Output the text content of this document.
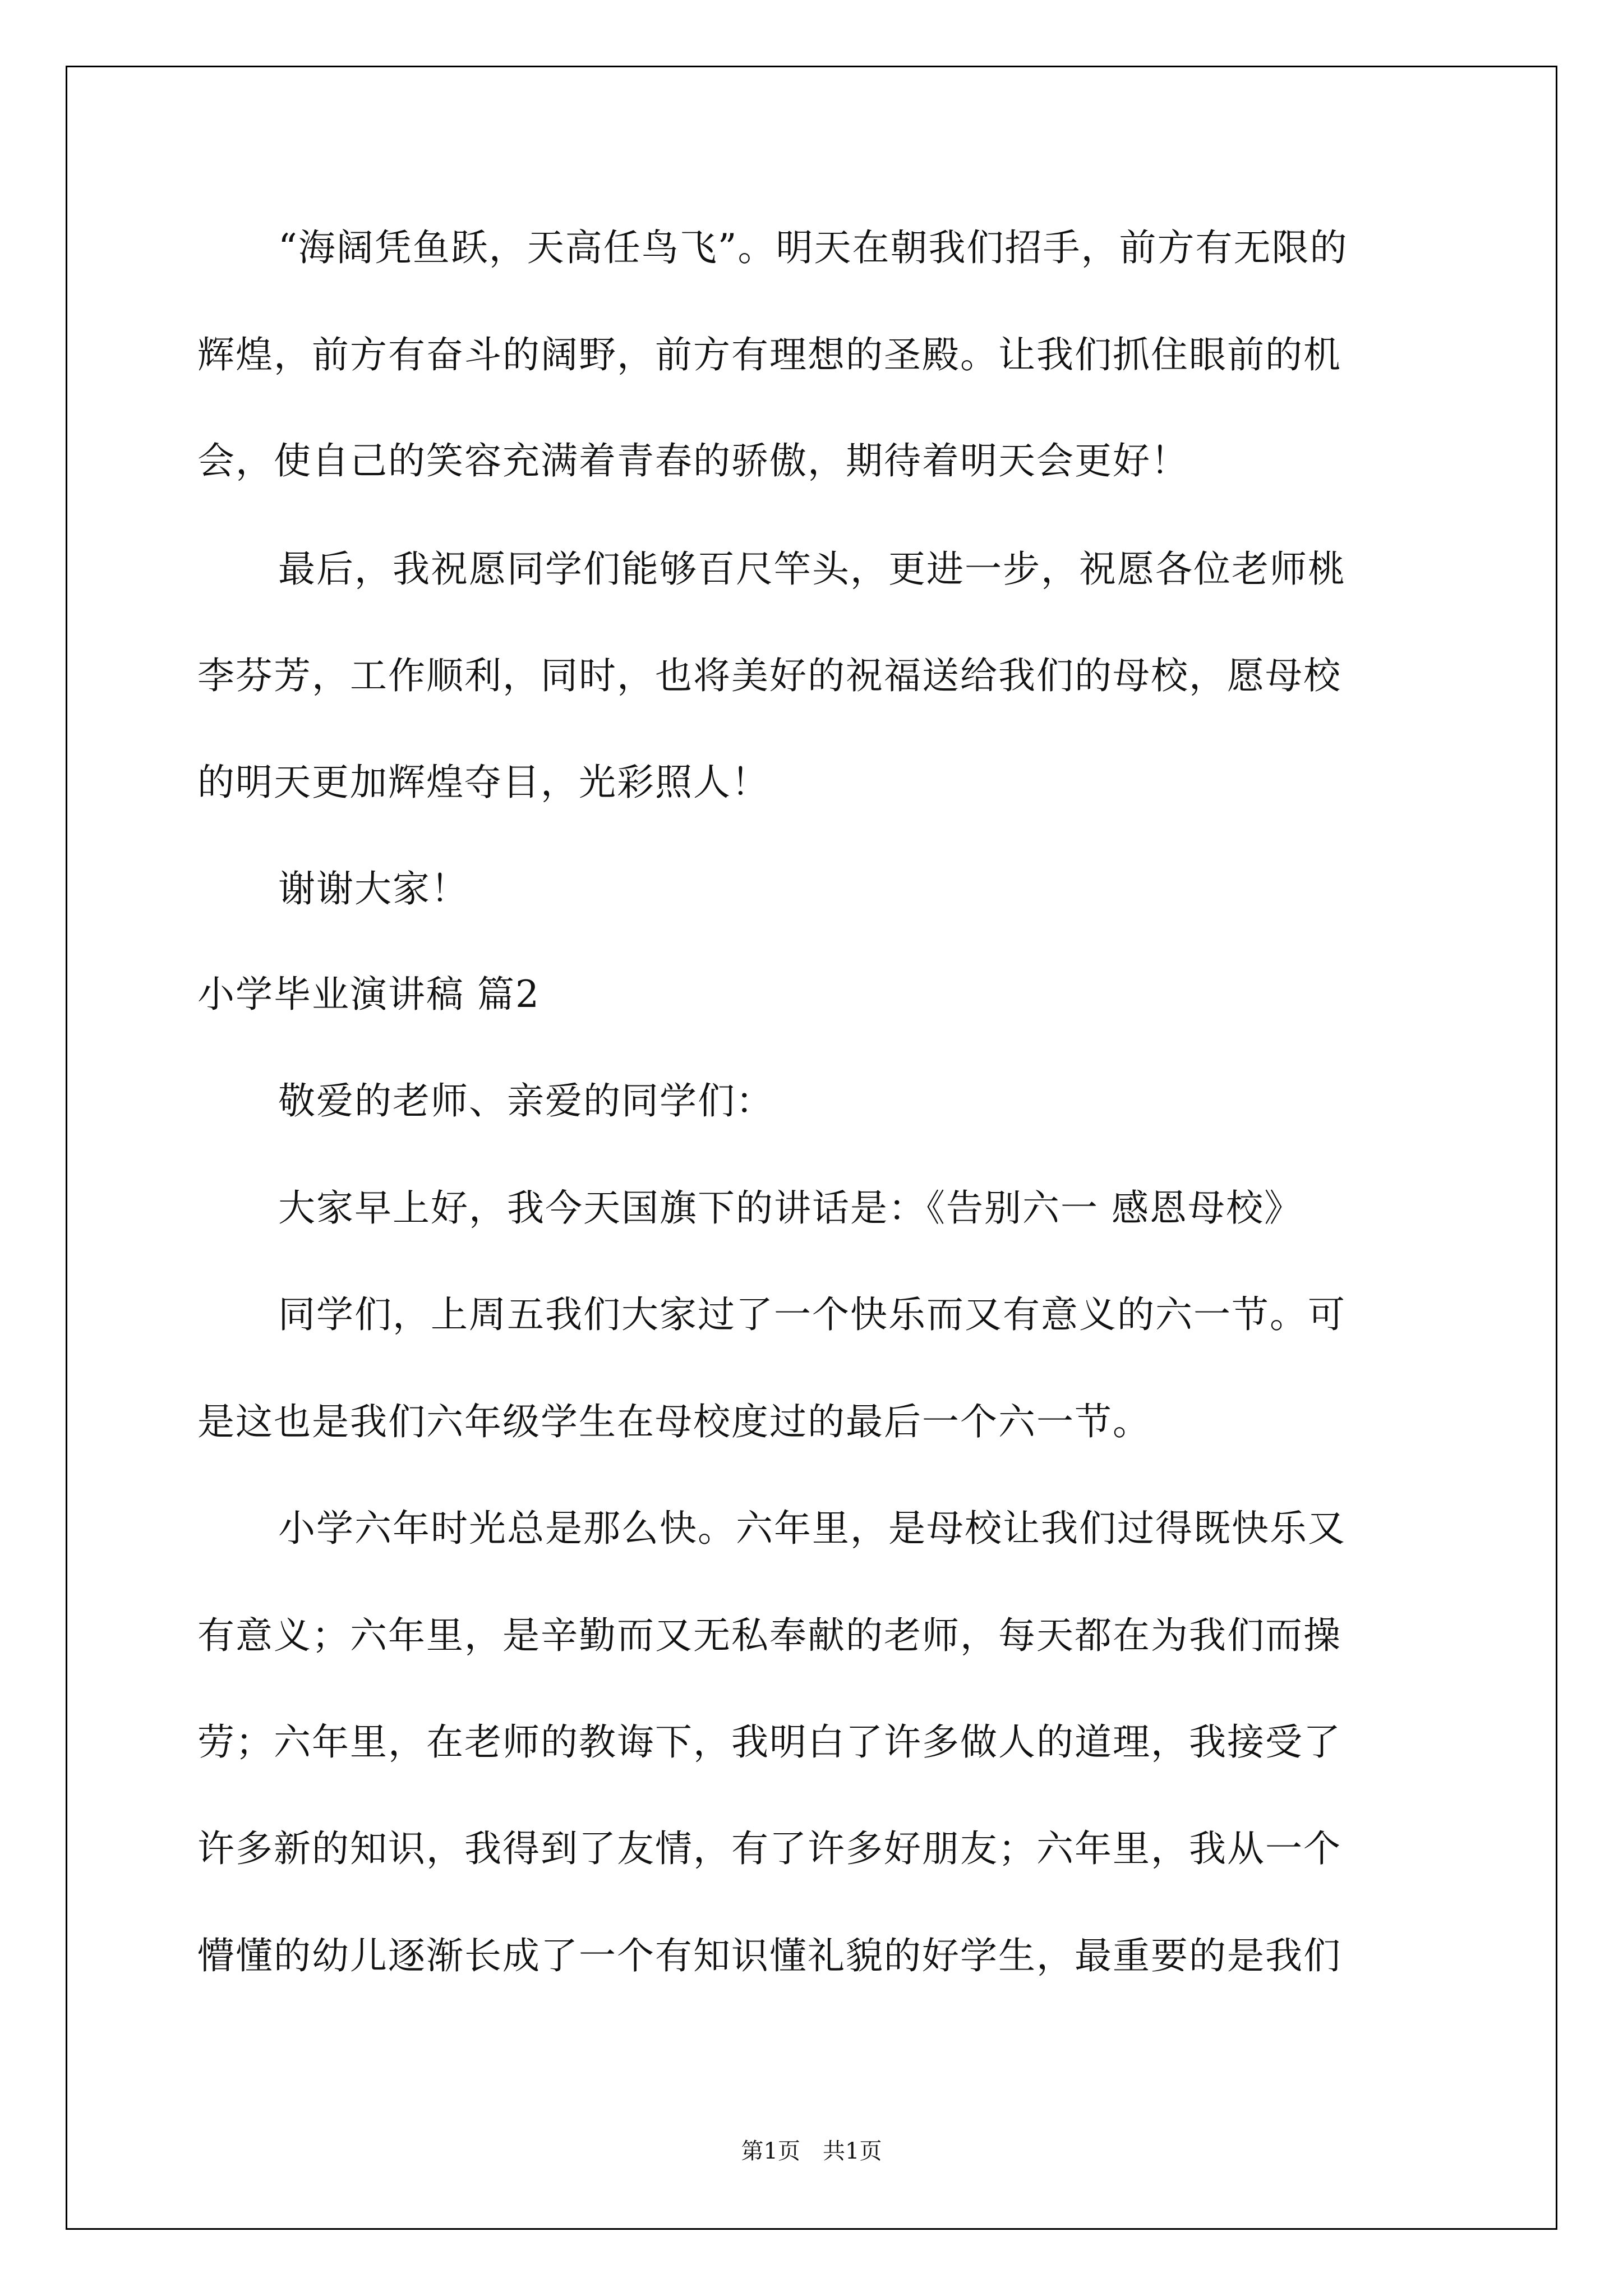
“海阔凭鱼跃，天高任鸟飞”。明天在朝我们招手，前方有无限的
辉煌，前方有奋斗的阔野，前方有理想的圣殿。让我们抓住眼前的机
会，使自己的笑容充满着青春的骄傲，期待着明天会更好！
最后，我祝愿同学们能够百尺竿头，更进一步，祝愿各位老师桃
李芬芳，工作顺利，同时，也将美好的祝福送给我们的母校，愿母校
的明天更加辉煌夺目，光彩照人！
谢谢大家！
小学毕业演讲稿 篇2
敬爱的老师、亲爱的同学们：
大家早上好，我今天国旗下的讲话是：《告别六一 感恩母校》
同学们，上周五我们大家过了一个快乐而又有意义的六一节。可
是这也是我们六年级学生在母校度过的最后一个六一节。
小学六年时光总是那么快。六年里，是母校让我们过得既快乐又
有意义；六年里，是辛勤而又无私奉献的老师，每天都在为我们而操
劳；六年里，在老师的教诲下，我明白了许多做人的道理，我接受了
许多新的知识，我得到了友情，有了许多好朋友；六年里，我从一个
懵懂的幼儿逐渐长成了一个有知识懂礼貌的好学生，最重要的是我们
第1页　共1页
